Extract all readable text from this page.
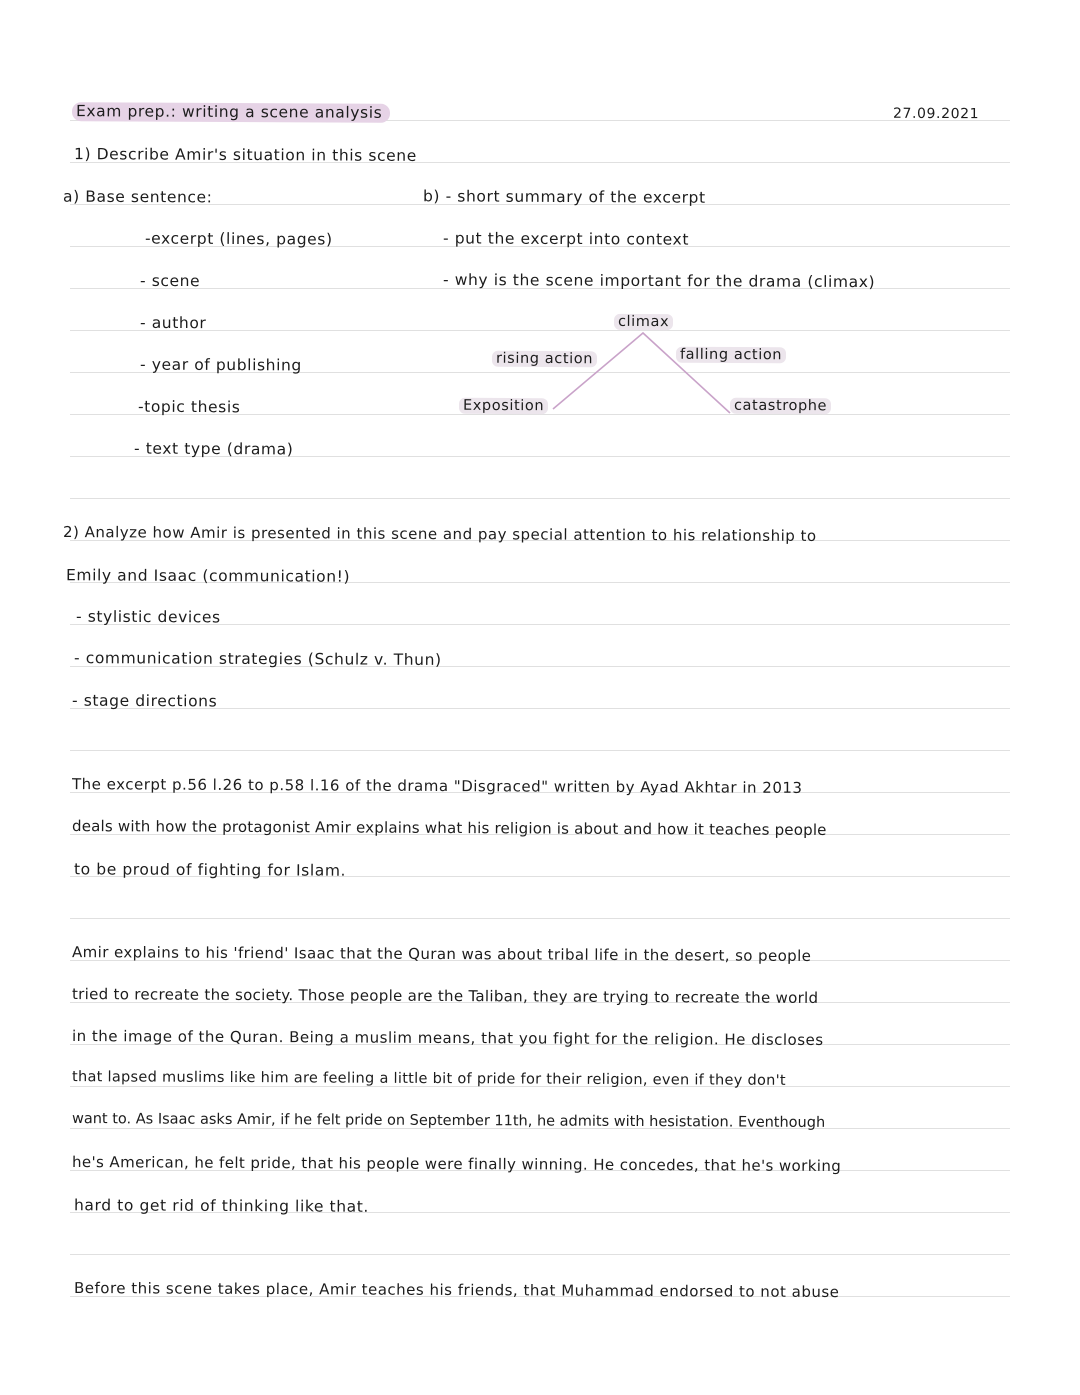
Exam prep.: writing a scene analysis	27.09.2021
1) Describe Amir's situation in this scene
a) Base sentence:
-excerpt (lines, pages)
- scene
- author
- year of publishing
-topic thesis
- text type (drama)
b) - short summary of the excerpt
- put the excerpt into context
- why is the scene important for the drama (climax)
climax
rising action	falling action
Exposition	catastrophe
2) Analyze how Amir is presented in this scene and pay special attention to his relationship to
Emily and Isaac (communication!)
- stylistic devices
- communication strategies (Schulz v. Thun)
- stage directions
The excerpt p.56 l.26 to p.58 l.16 of the drama "Disgraced" written by Ayad Akhtar in 2013
deals with how the protagonist Amir explains what his religion is about and how it teaches people
to be proud of fighting for Islam.
Amir explains to his 'friend' Isaac that the Quran was about tribal life in the desert, so people
tried to recreate the society. Those people are the Taliban, they are trying to recreate the world
in the image of the Quran. Being a muslim means, that you fight for the religion. He discloses
that lapsed muslims like him are feeling a little bit of pride for their religion, even if they don't
want to. As Isaac asks Amir, if he felt pride on September 11th, he admits with hesistation. Eventhough
he's American, he felt pride, that his people were finally winning. He concedes, that he's working
hard to get rid of thinking like that.
Before this scene takes place, Amir teaches his friends, that Muhammad endorsed to not abuse
